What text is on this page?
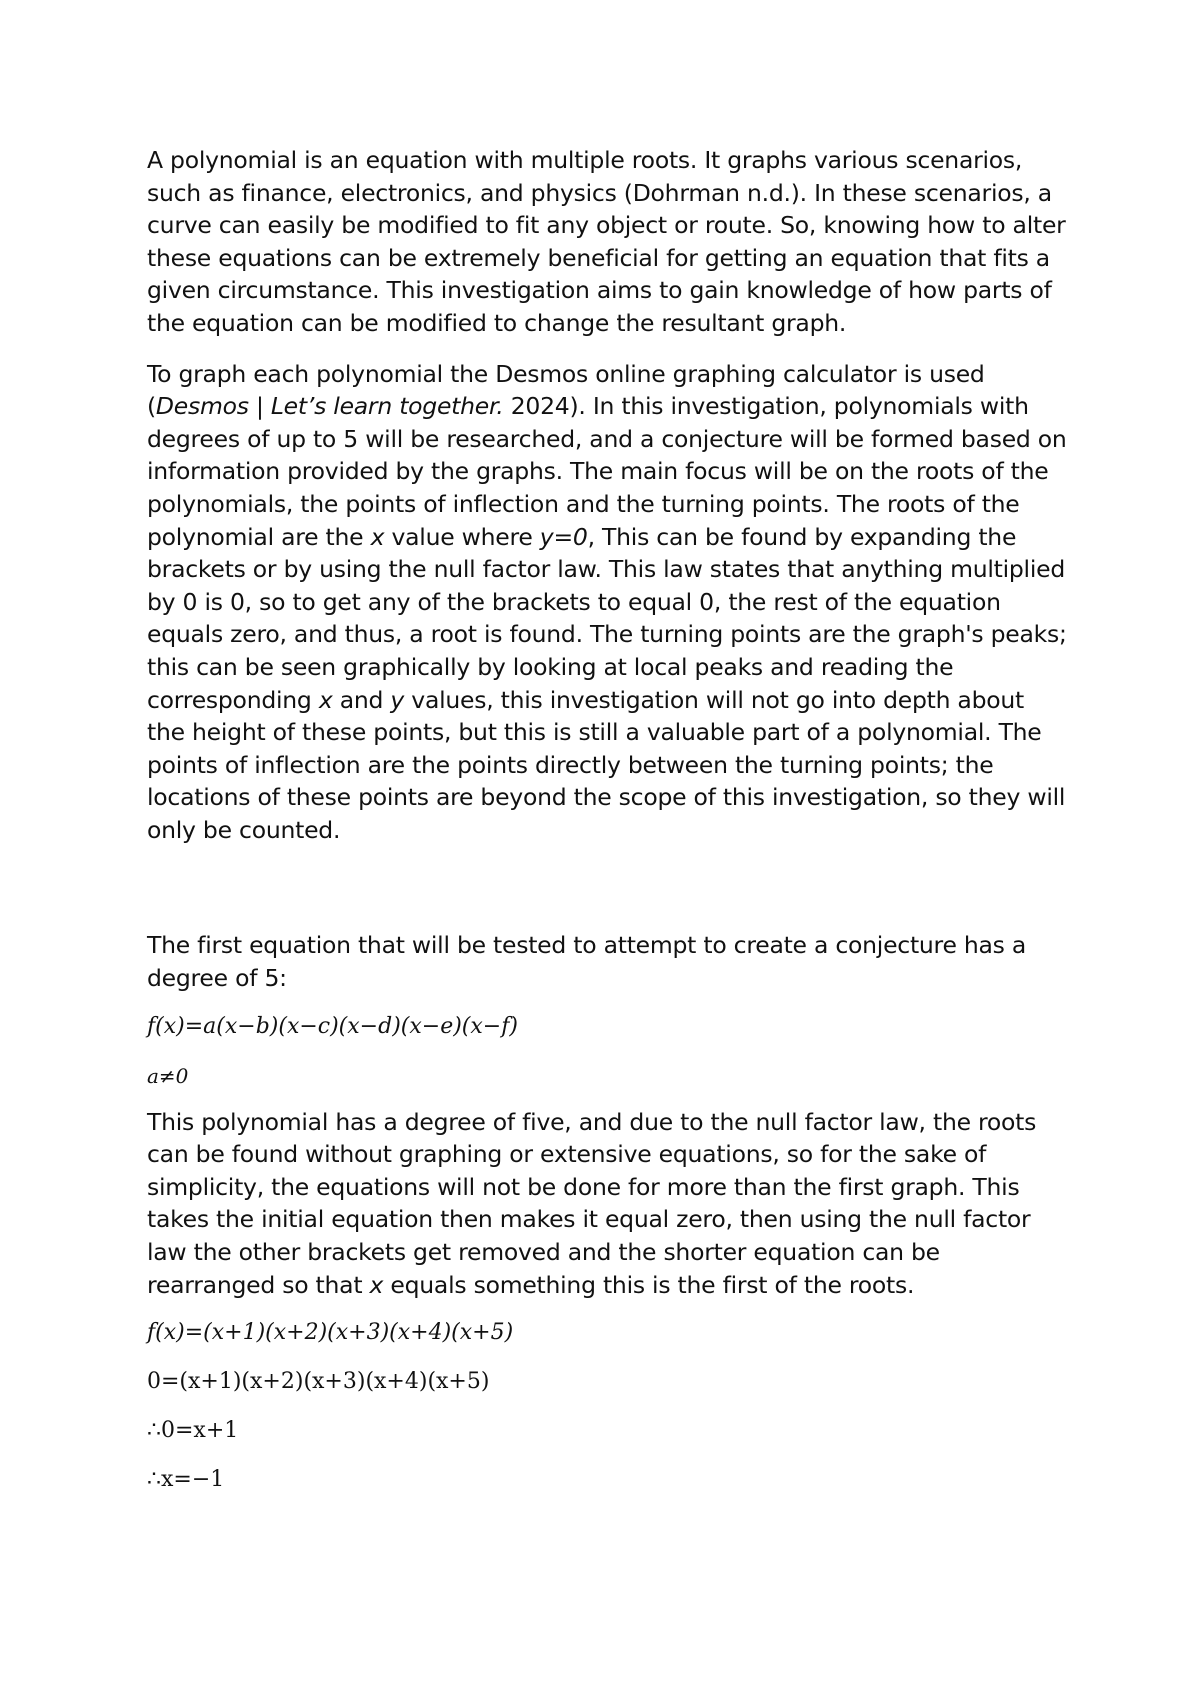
A polynomial is an equation with multiple roots. It graphs various scenarios, such as finance, electronics, and physics (Dohrman n.d.). In these scenarios, a curve can easily be modified to fit any object or route. So, knowing how to alter these equations can be extremely beneficial for getting an equation that fits a given circumstance. This investigation aims to gain knowledge of how parts of the equation can be modified to change the resultant graph.

To graph each polynomial the Desmos online graphing calculator is used (Desmos | Let’s learn together. 2024). In this investigation, polynomials with degrees of up to 5 will be researched, and a conjecture will be formed based on information provided by the graphs. The main focus will be on the roots of the polynomials, the points of inflection and the turning points. The roots of the polynomial are the x value where y=0, This can be found by expanding the brackets or by using the null factor law. This law states that anything multiplied by 0 is 0, so to get any of the brackets to equal 0, the rest of the equation equals zero, and thus, a root is found. The turning points are the graph's peaks; this can be seen graphically by looking at local peaks and reading the corresponding x and y values, this investigation will not go into depth about the height of these points, but this is still a valuable part of a polynomial. The points of inflection are the points directly between the turning points; the locations of these points are beyond the scope of this investigation, so they will only be counted.

The first equation that will be tested to attempt to create a conjecture has a degree of 5:

f(x)=a(x−b)(x−c)(x−d)(x−e)(x−f)
a≠0

This polynomial has a degree of five, and due to the null factor law, the roots can be found without graphing or extensive equations, so for the sake of simplicity, the equations will not be done for more than the first graph. This takes the initial equation then makes it equal zero, then using the null factor law the other brackets get removed and the shorter equation can be rearranged so that x equals something this is the first of the roots.

f(x)=(x+1)(x+2)(x+3)(x+4)(x+5)
0=(x+1)(x+2)(x+3)(x+4)(x+5)
∴0=x+1
∴x=−1
